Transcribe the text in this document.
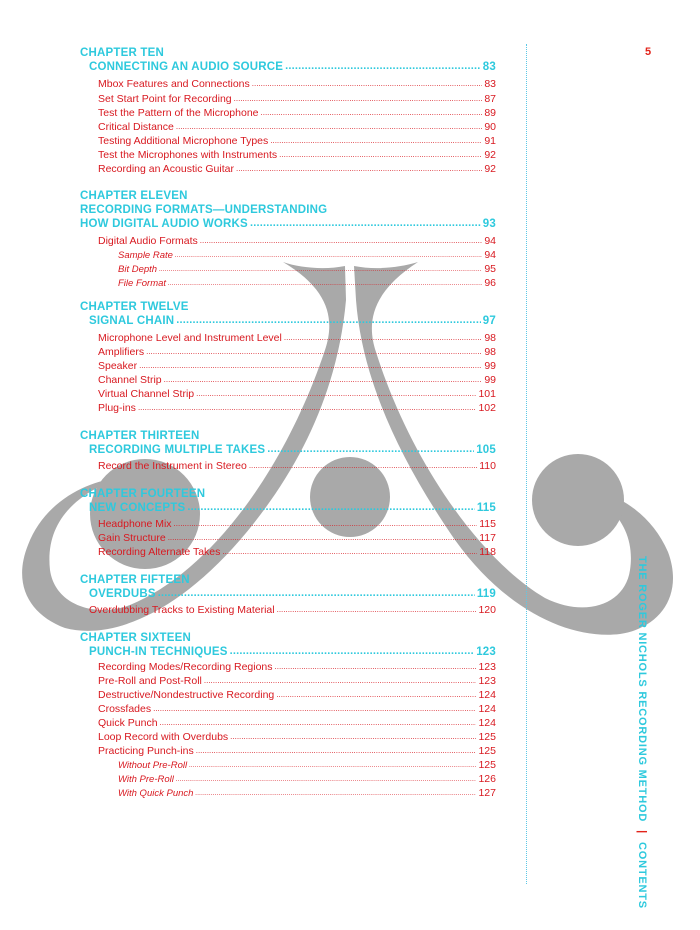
5
THE ROGER NICHOLS RECORDING METHOD|CONTENTS
CHAPTER TEN
CONNECTING AN AUDIO SOURCE .....	83
Mbox Features and Connections .....	83
Set Start Point for Recording .....	87
Test the Pattern of the Microphone .....	89
Critical Distance .....	90
Testing Additional Microphone Types .....	91
Test the Microphones with Instruments .....	92
Recording an Acoustic Guitar .....	92
CHAPTER ELEVEN
RECORDING FORMATS—UNDERSTANDING
HOW DIGITAL AUDIO WORKS .....	93
Digital Audio Formats .....	94
Sample Rate .....	94
Bit Depth .....	95
File Format .....	96
CHAPTER TWELVE
SIGNAL CHAIN .....	97
Microphone Level and Instrument Level .....	98
Amplifiers .....	98
Speaker .....	99
Channel Strip .....	99
Virtual Channel Strip .....	101
Plug-ins .....	102
CHAPTER THIRTEEN
RECORDING MULTIPLE TAKES .....	105
Record the Instrument in Stereo .....	110
CHAPTER FOURTEEN
NEW CONCEPTS .....	115
Headphone Mix .....	115
Gain Structure .....	117
Recording Alternate Takes .....	118
CHAPTER FIFTEEN
OVERDUBS .....	119
Overdubbing Tracks to Existing Material .....	120
CHAPTER SIXTEEN
PUNCH-IN TECHNIQUES .....	123
Recording Modes/Recording Regions .....	123
Pre-Roll and Post-Roll .....	123
Destructive/Nondestructive Recording .....	124
Crossfades .....	124
Quick Punch .....	124
Loop Record with Overdubs .....	125
Practicing Punch-ins .....	125
Without Pre-Roll .....	125
With Pre-Roll .....	126
With Quick Punch .....	127
